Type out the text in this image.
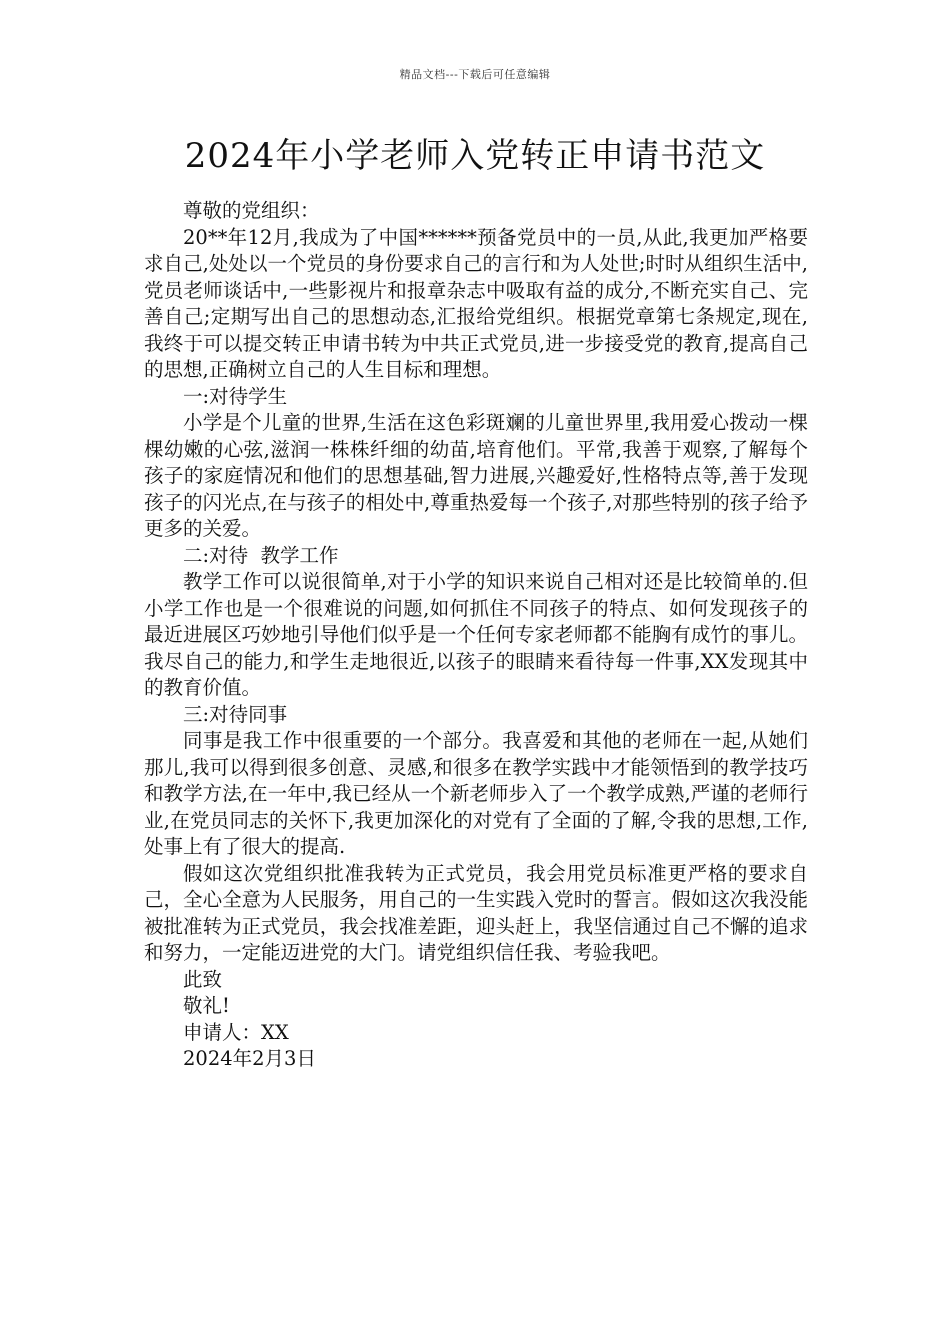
精品文档---下载后可任意编辑
2024年小学老师入党转正申请书范文

尊敬的党组织：

20**年12月,我成为了中国******预备党员中的一员,从此,我更加严格要求自己,处处以一个党员的身份要求自己的言行和为人处世;时时从组织生活中,党员老师谈话中,一些影视片和报章杂志中吸取有益的成分,不断充实自己、完善自己;定期写出自己的思想动态,汇报给党组织。根据党章第七条规定,现在,我终于可以提交转正申请书转为中共正式党员,进一步接受党的教育,提高自己的思想,正确树立自己的人生目标和理想。

一:对待学生

小学是个儿童的世界,生活在这色彩斑斓的儿童世界里,我用爱心拨动一棵棵幼嫩的心弦,滋润一株株纤细的幼苗,培育他们。平常,我善于观察,了解每个孩子的家庭情况和他们的思想基础,智力进展,兴趣爱好,性格特点等,善于发现孩子的闪光点,在与孩子的相处中,尊重热爱每一个孩子,对那些特别的孩子给予更多的关爱。

二:对待  教学工作

教学工作可以说很简单,对于小学的知识来说自己相对还是比较简单的.但小学工作也是一个很难说的问题,如何抓住不同孩子的特点、如何发现孩子的最近进展区巧妙地引导他们似乎是一个任何专家老师都不能胸有成竹的事儿。我尽自己的能力,和学生走地很近,以孩子的眼睛来看待每一件事,XX发现其中的教育价值。

三:对待同事

同事是我工作中很重要的一个部分。我喜爱和其他的老师在一起,从她们那儿,我可以得到很多创意、灵感,和很多在教学实践中才能领悟到的教学技巧和教学方法,在一年中,我已经从一个新老师步入了一个教学成熟,严谨的老师行业,在党员同志的关怀下,我更加深化的对党有了全面的了解,令我的思想,工作,处事上有了很大的提高.

假如这次党组织批准我转为正式党员，我会用党员标准更严格的要求自己，全心全意为人民服务，用自己的一生实践入党时的誓言。假如这次我没能被批准转为正式党员，我会找准差距，迎头赶上，我坚信通过自己不懈的追求和努力，一定能迈进党的大门。请党组织信任我、考验我吧。

此致

敬礼!

申请人：XX

2024年2月3日
